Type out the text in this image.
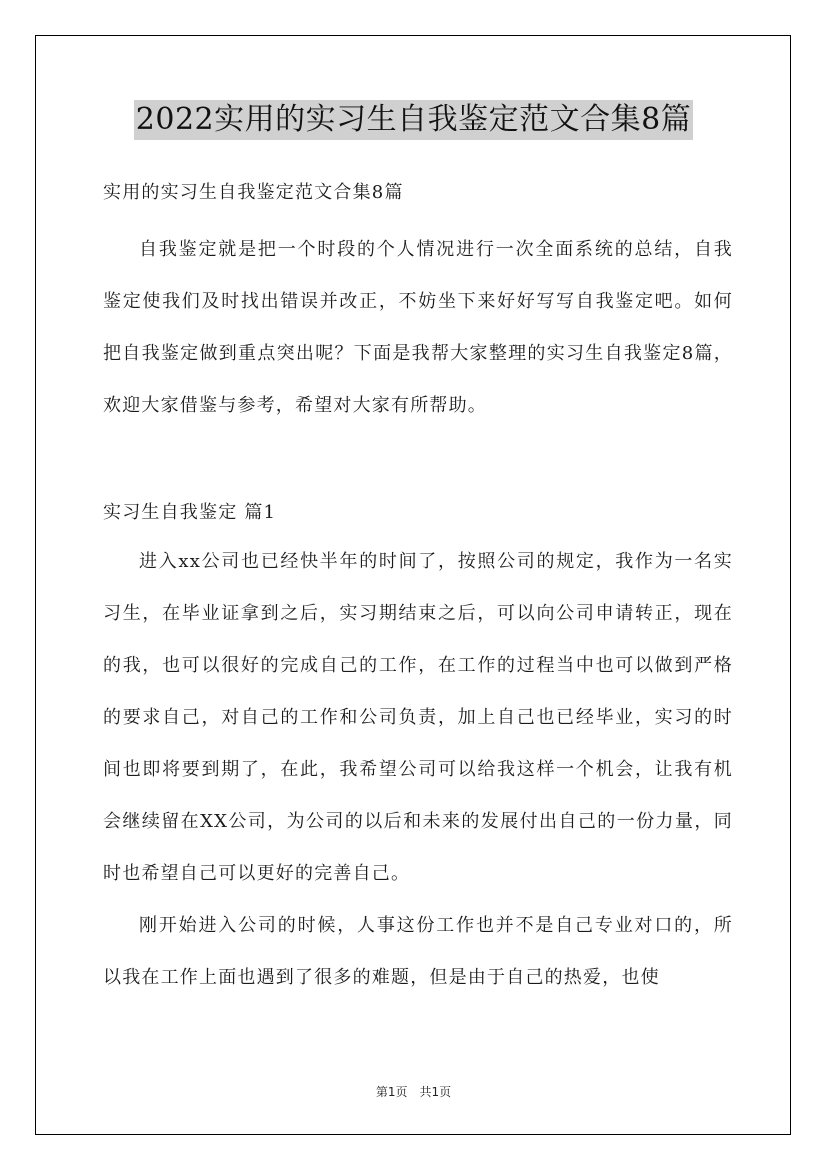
2022实用的实习生自我鉴定范文合集8篇

实用的实习生自我鉴定范文合集8篇

自我鉴定就是把一个时段的个人情况进行一次全面系统的总结，自我鉴定使我们及时找出错误并改正，不妨坐下来好好写写自我鉴定吧。如何把自我鉴定做到重点突出呢？下面是我帮大家整理的实习生自我鉴定8篇，欢迎大家借鉴与参考，希望对大家有所帮助。

实习生自我鉴定 篇1

进入xx公司也已经快半年的时间了，按照公司的规定，我作为一名实习生，在毕业证拿到之后，实习期结束之后，可以向公司申请转正，现在的我，也可以很好的完成自己的工作，在工作的过程当中也可以做到严格的要求自己，对自己的工作和公司负责，加上自己也已经毕业，实习的时间也即将要到期了，在此，我希望公司可以给我这样一个机会，让我有机会继续留在XX公司，为公司的以后和未来的发展付出自己的一份力量，同时也希望自己可以更好的完善自己。

刚开始进入公司的时候，人事这份工作也并不是自己专业对口的，所以我在工作上面也遇到了很多的难题，但是由于自己的热爱，也使

第1页　共1页
